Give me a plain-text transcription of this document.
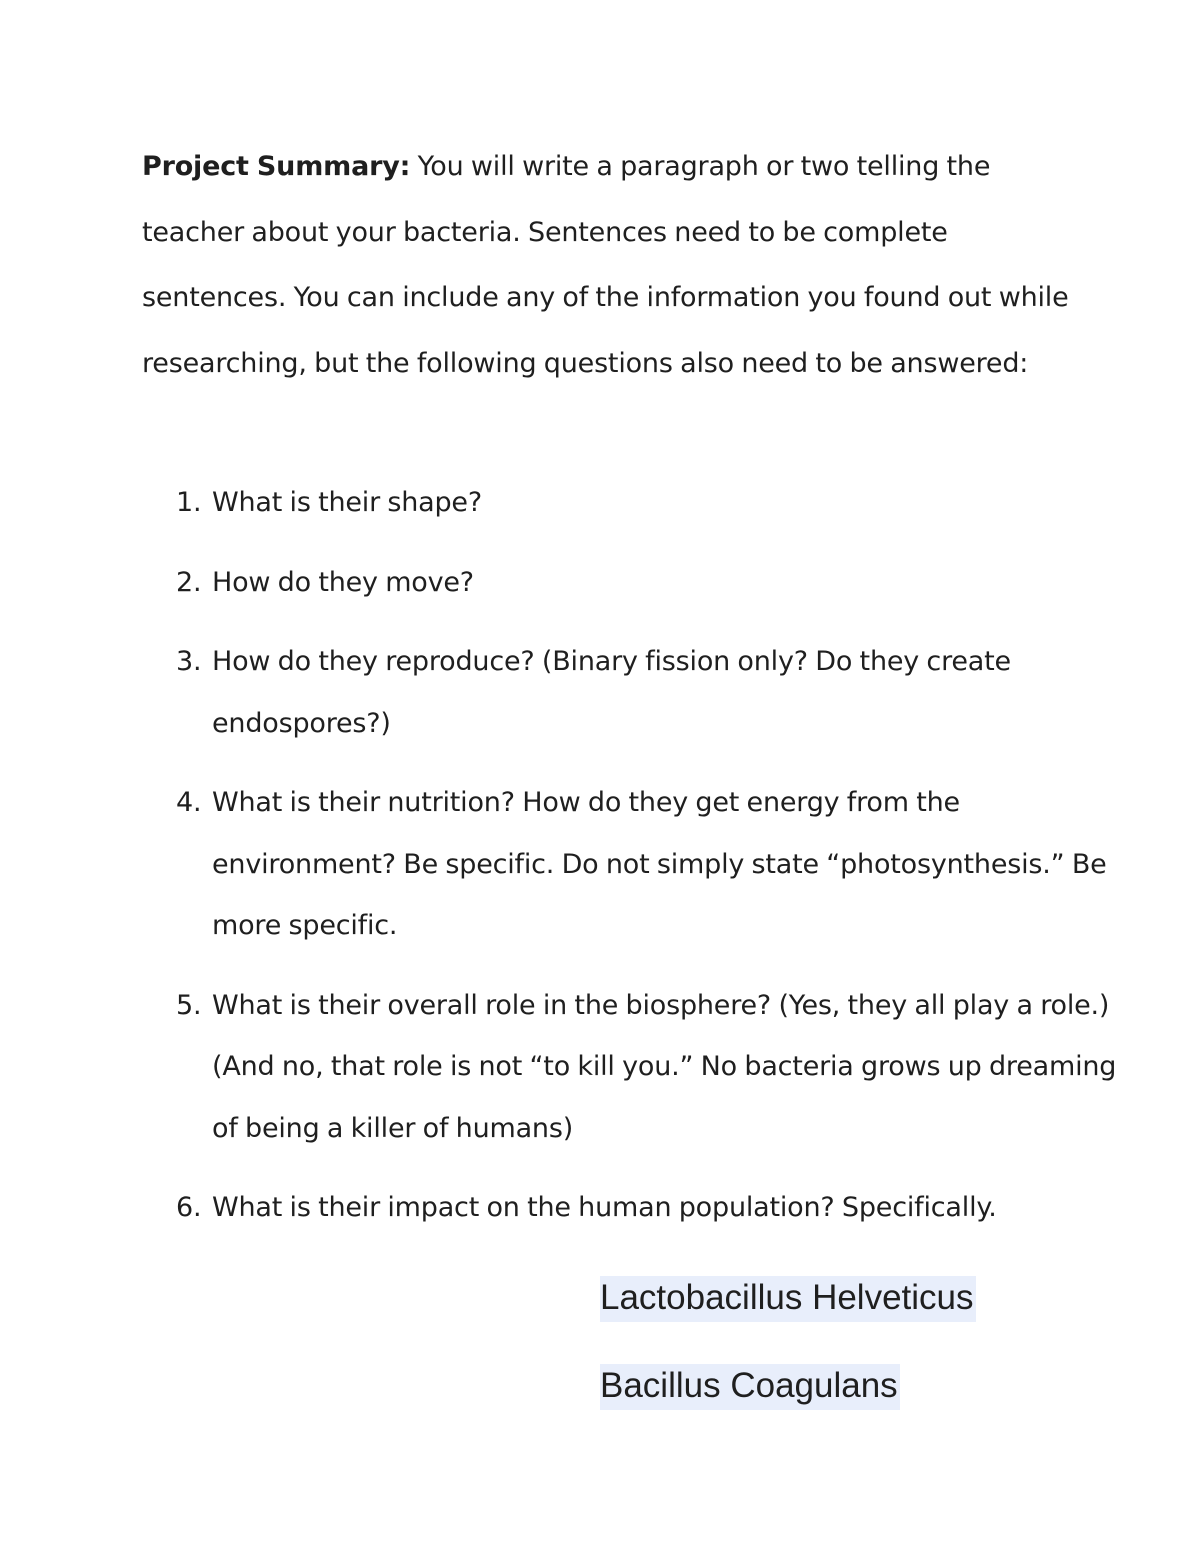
Project Summary: You will write a paragraph or two telling the teacher about your bacteria. Sentences need to be complete sentences. You can include any of the information you found out while researching, but the following questions also need to be answered:

1. What is their shape?
2. How do they move?
3. How do they reproduce? (Binary fission only? Do they create endospores?)
4. What is their nutrition? How do they get energy from the environment? Be specific. Do not simply state “photosynthesis.” Be more specific.
5. What is their overall role in the biosphere? (Yes, they all play a role.) (And no, that role is not “to kill you.” No bacteria grows up dreaming of being a killer of humans)
6. What is their impact on the human population? Specifically.
Lactobacillus Helveticus
Bacillus Coagulans
